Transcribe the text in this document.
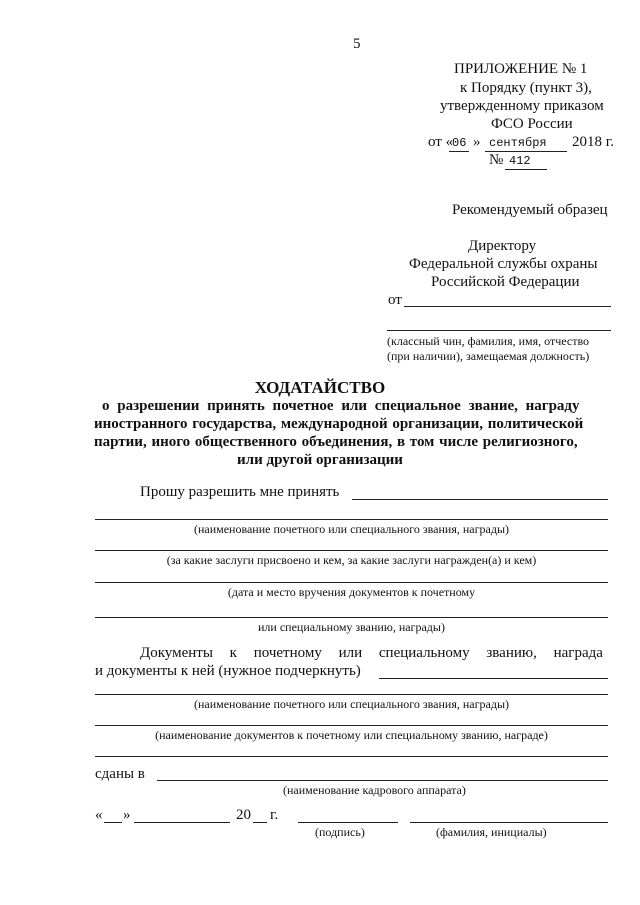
5
ПРИЛОЖЕНИЕ № 1
к Порядку (пункт 3),
утвержденному приказом
ФСО России
от «
06 » сентября 2018 г.
№ 412
Рекомендуемый образец
Директору
Федеральной службы охраны
Российской Федерации
от
(классный чин, фамилия, имя, отчество
(при наличии), замещаемая должность)
ХОДАТАЙСТВО
о разрешении принять почетное или специальное звание, награду
иностранного государства, международной организации, политической
партии, иного общественного объединения, в том числе религиозного,
или другой организации
Прошу разрешить мне принять
(наименование почетного или специального звания, награды)
(за какие заслуги присвоено и кем, за какие заслуги награжден(а) и кем)
(дата и место вручения документов к почетному
или специальному званию, награды)
Документы к почетному или специальному званию, награда
и документы к ней (нужное подчеркнуть)
(наименование почетного или специального звания, награды)
(наименование документов к почетному или специальному званию, награде)
сданы в
(наименование кадрового аппарата)
« »	20 г.
(подпись)	(фамилия, инициалы)
